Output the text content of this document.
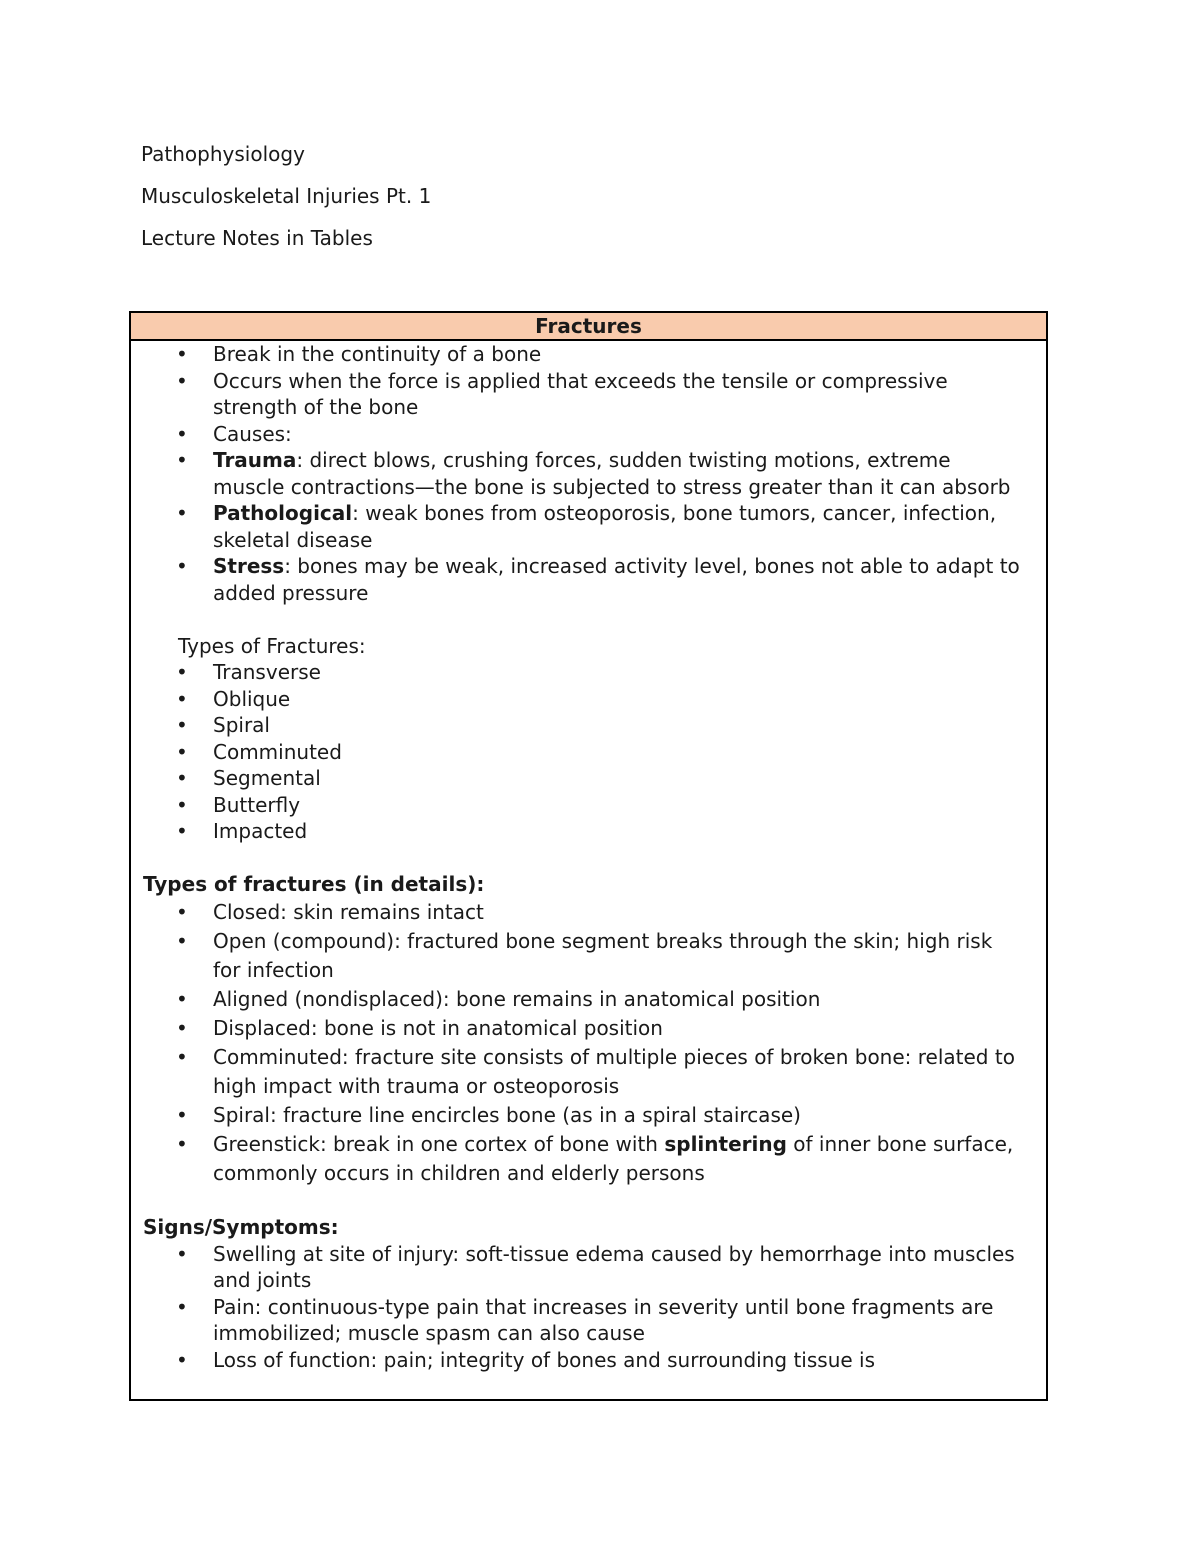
Pathophysiology
Musculoskeletal Injuries Pt. 1
Lecture Notes in Tables
Fractures
• Break in the continuity of a bone
• Occurs when the force is applied that exceeds the tensile or compressive strength of the bone
• Causes:
• Trauma: direct blows, crushing forces, sudden twisting motions, extreme muscle contractions—the bone is subjected to stress greater than it can absorb
• Pathological: weak bones from osteoporosis, bone tumors, cancer, infection, skeletal disease
• Stress: bones may be weak, increased activity level, bones not able to adapt to added pressure
Types of Fractures:
• Transverse
• Oblique
• Spiral
• Comminuted
• Segmental
• Butterfly
• Impacted
Types of fractures (in details):
• Closed: skin remains intact
• Open (compound): fractured bone segment breaks through the skin; high risk for infection
• Aligned (nondisplaced): bone remains in anatomical position
• Displaced: bone is not in anatomical position
• Comminuted: fracture site consists of multiple pieces of broken bone: related to high impact with trauma or osteoporosis
• Spiral: fracture line encircles bone (as in a spiral staircase)
• Greenstick: break in one cortex of bone with splintering of inner bone surface, commonly occurs in children and elderly persons
Signs/Symptoms:
• Swelling at site of injury: soft-tissue edema caused by hemorrhage into muscles and joints
• Pain: continuous-type pain that increases in severity until bone fragments are immobilized; muscle spasm can also cause
• Loss of function: pain; integrity of bones and surrounding tissue is
